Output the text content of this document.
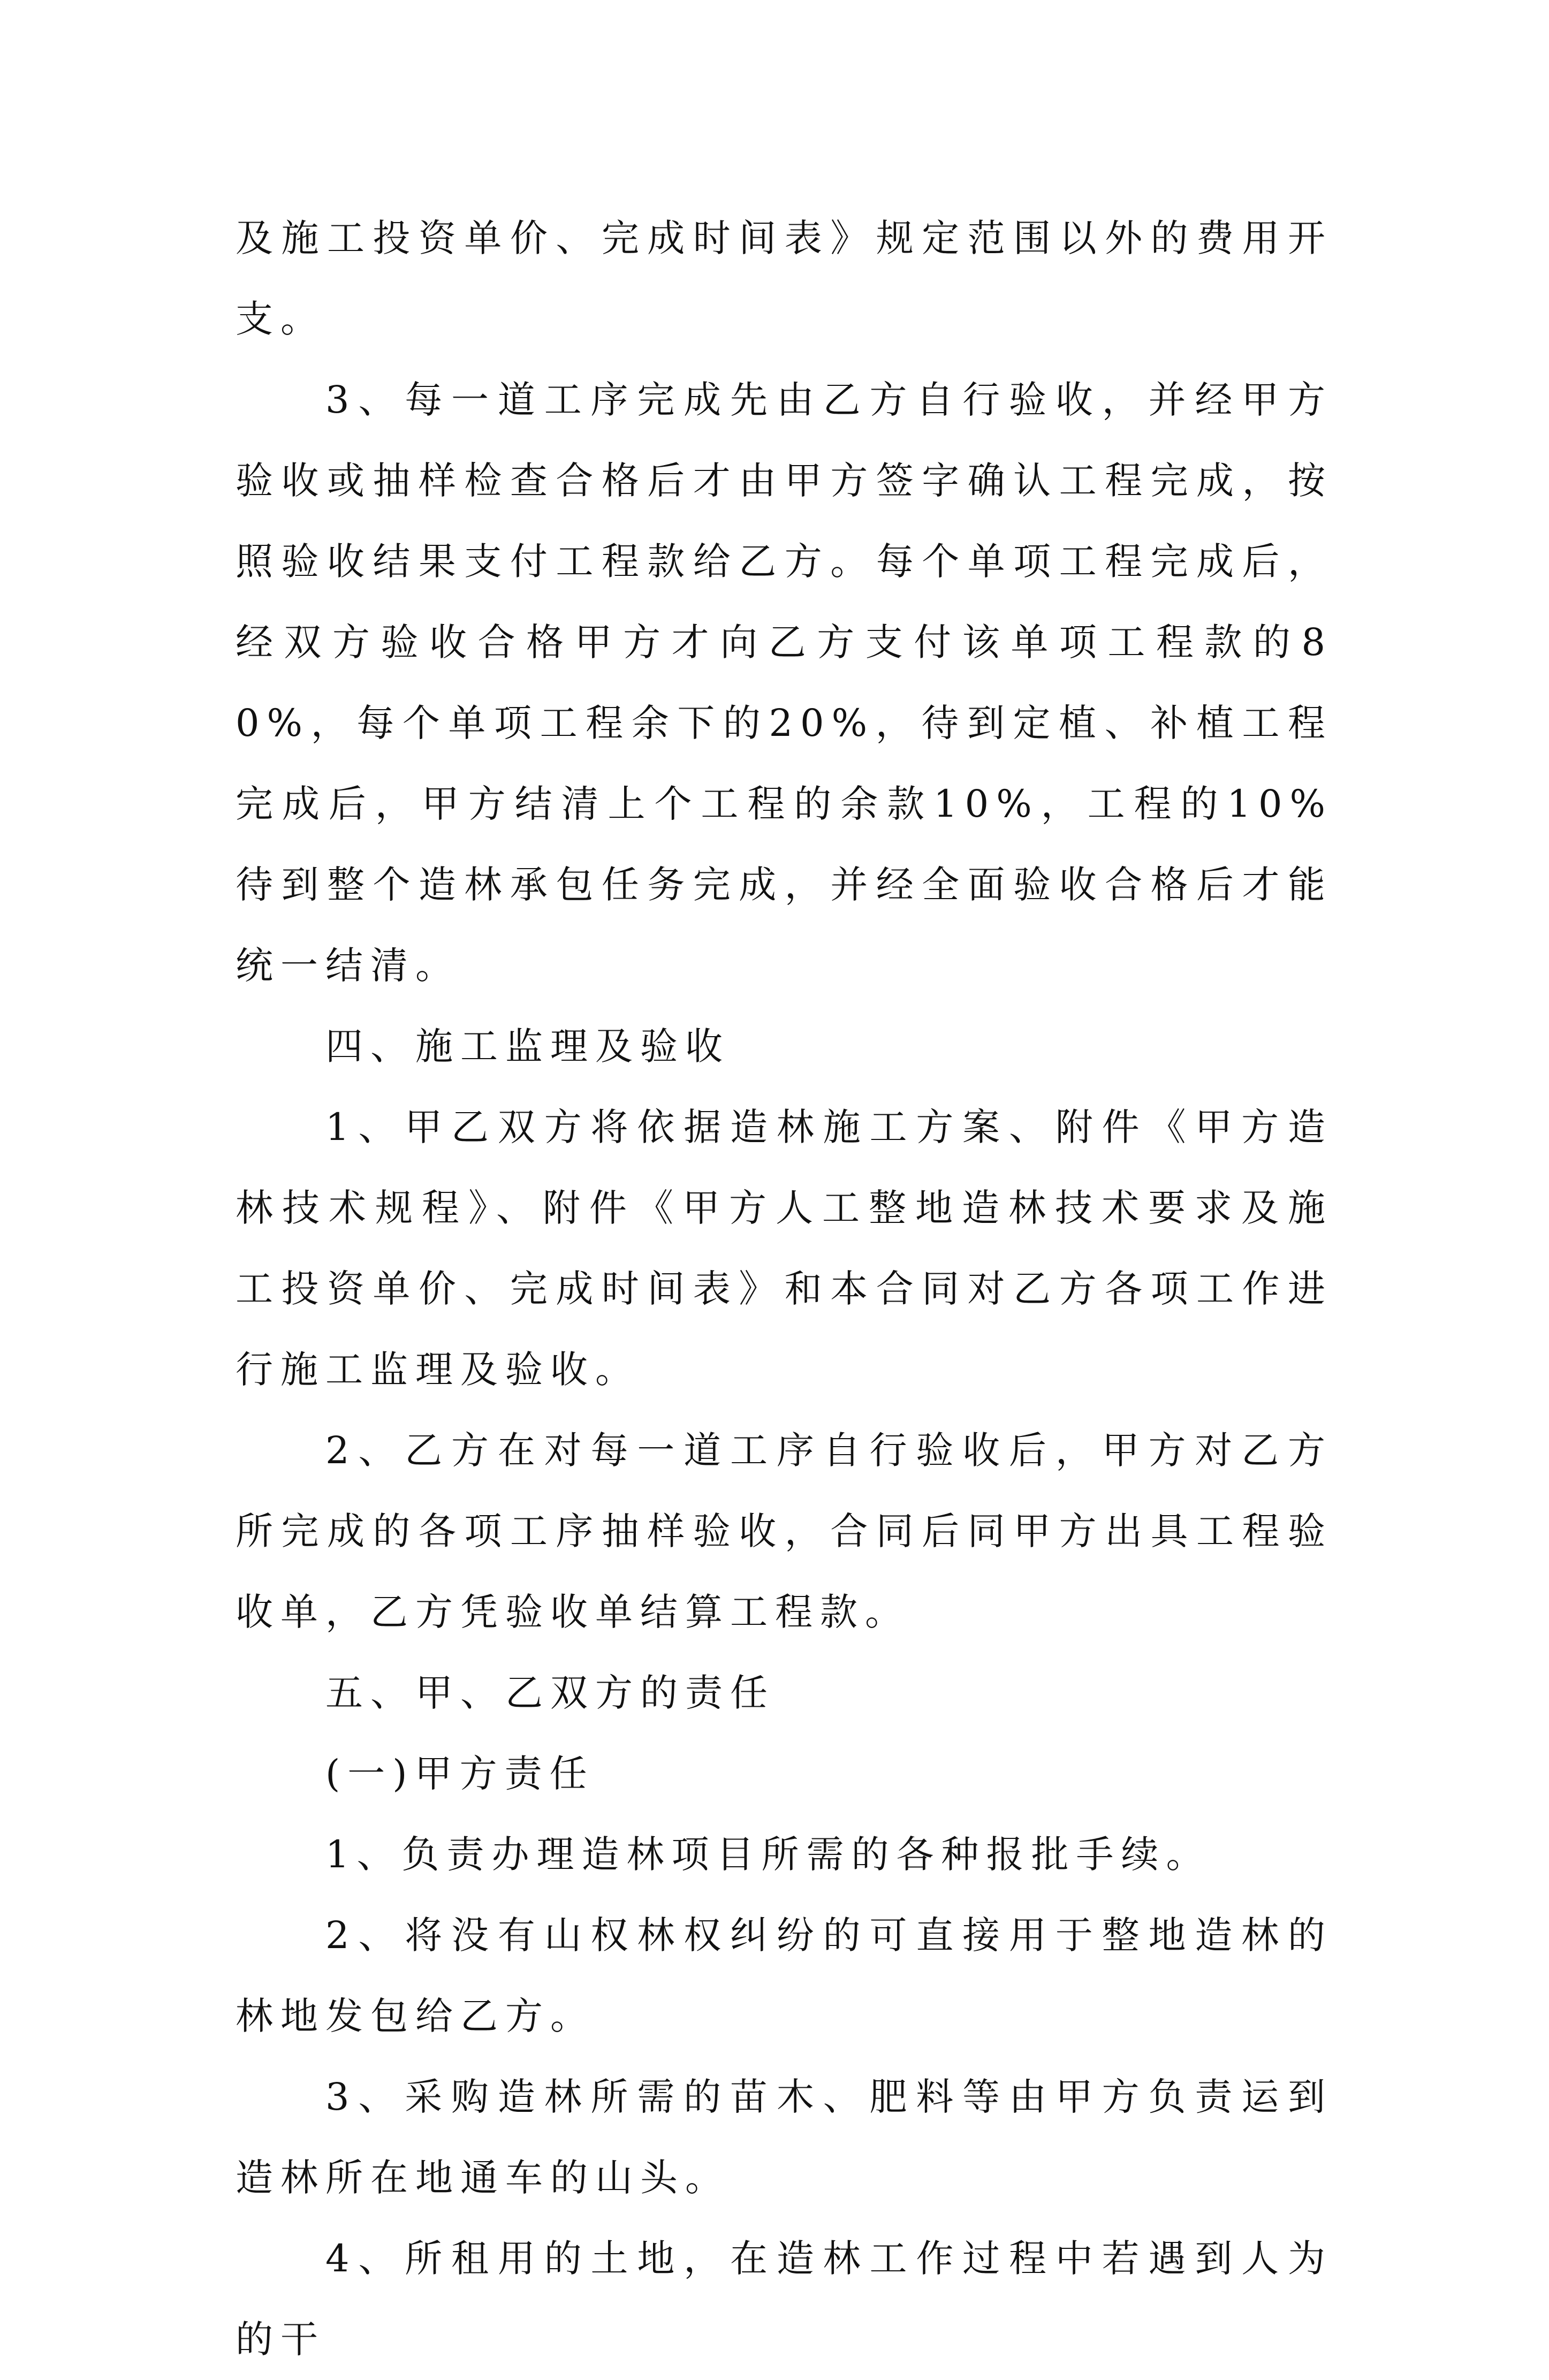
及施工投资单价、完成时间表》规定范围以外的费用开支。

3、每一道工序完成先由乙方自行验收，并经甲方验收或抽样检查合格后才由甲方签字确认工程完成，按照验收结果支付工程款给乙方。每个单项工程完成后，经双方验收合格甲方才向乙方支付该单项工程款的80%，每个单项工程余下的20%，待到定植、补植工程完成后，甲方结清上个工程的余款10%，工程的10%待到整个造林承包任务完成，并经全面验收合格后才能统一结清。

四、施工监理及验收

1、甲乙双方将依据造林施工方案、附件《甲方造林技术规程》、附件《甲方人工整地造林技术要求及施工投资单价、完成时间表》和本合同对乙方各项工作进行施工监理及验收。

2、乙方在对每一道工序自行验收后，甲方对乙方所完成的各项工序抽样验收，合同后同甲方出具工程验收单，乙方凭验收单结算工程款。

五、甲、乙双方的责任

(一)甲方责任

1、负责办理造林项目所需的各种报批手续。

2、将没有山权林权纠纷的可直接用于整地造林的林地发包给乙方。

3、采购造林所需的苗木、肥料等由甲方负责运到造林所在地通车的山头。

4、所租用的土地，在造林工作过程中若遇到人为的干
